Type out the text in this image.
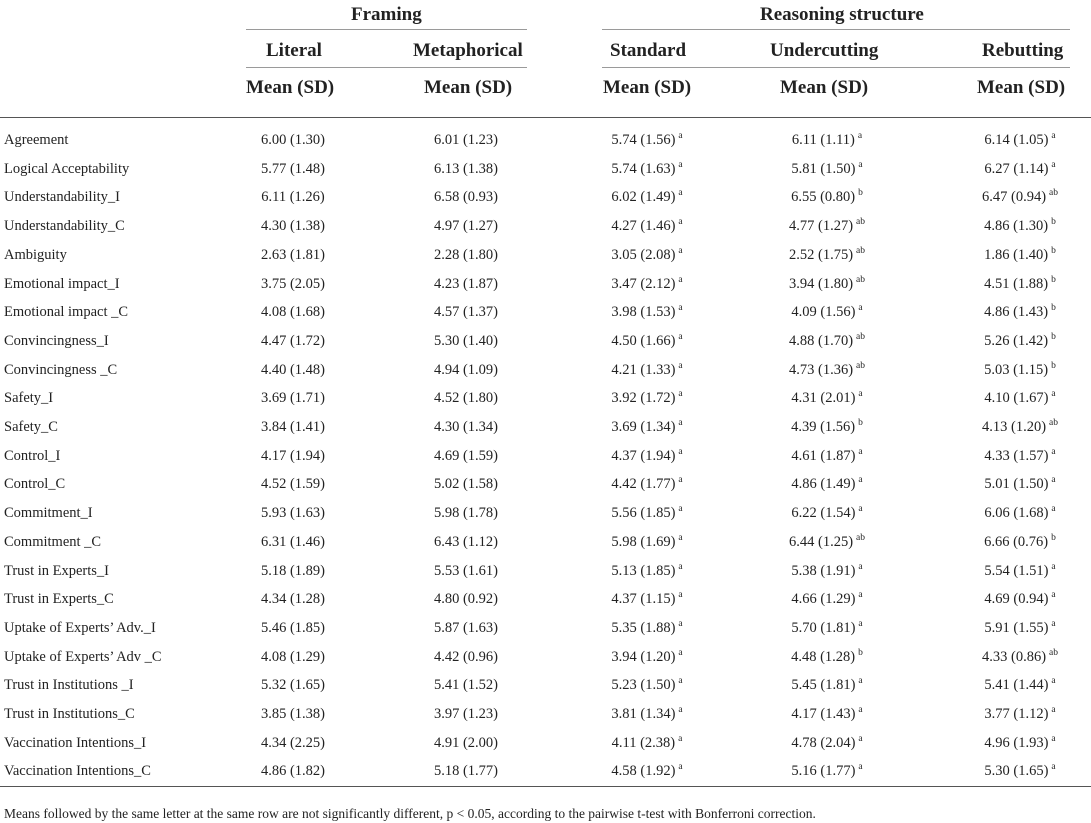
Framing	Reasoning structure
Literal	Metaphorical	Standard	Undercutting	Rebutting
Mean (SD)	Mean (SD)	Mean (SD)	Mean (SD)	Mean (SD)
Agreement	6.00 (1.30)	6.01 (1.23)	5.74 (1.56) $^a$	6.11 (1.11) $^a$	6.14 (1.05) $^a$
Logical Acceptability	5.77 (1.48)	6.13 (1.38)	5.74 (1.63) $^a$	5.81 (1.50) $^a$	6.27 (1.14) $^a$
Understandability_I	6.11 (1.26)	6.58 (0.93)	6.02 (1.49) $^a$	6.55 (0.80) $^b$	6.47 (0.94) $^{ab}$
Understandability_C	4.30 (1.38)	4.97 (1.27)	4.27 (1.46) $^a$	4.77 (1.27) $^{ab}$	4.86 (1.30) $^b$
Ambiguity	2.63 (1.81)	2.28 (1.80)	3.05 (2.08) $^a$	2.52 (1.75) $^{ab}$	1.86 (1.40) $^b$
Emotional impact_I	3.75 (2.05)	4.23 (1.87)	3.47 (2.12) $^a$	3.94 (1.80) $^{ab}$	4.51 (1.88) $^b$
Emotional impact _C	4.08 (1.68)	4.57 (1.37)	3.98 (1.53) $^a$	4.09 (1.56) $^a$	4.86 (1.43) $^b$
Convincingness_I	4.47 (1.72)	5.30 (1.40)	4.50 (1.66) $^a$	4.88 (1.70) $^{ab}$	5.26 (1.42) $^b$
Convincingness _C	4.40 (1.48)	4.94 (1.09)	4.21 (1.33) $^a$	4.73 (1.36) $^{ab}$	5.03 (1.15) $^b$
Safety_I	3.69 (1.71)	4.52 (1.80)	3.92 (1.72) $^a$	4.31 (2.01) $^a$	4.10 (1.67) $^a$
Safety_C	3.84 (1.41)	4.30 (1.34)	3.69 (1.34) $^a$	4.39 (1.56) $^b$	4.13 (1.20) $^{ab}$
Control_I	4.17 (1.94)	4.69 (1.59)	4.37 (1.94) $^a$	4.61 (1.87) $^a$	4.33 (1.57) $^a$
Control_C	4.52 (1.59)	5.02 (1.58)	4.42 (1.77) $^a$	4.86 (1.49) $^a$	5.01 (1.50) $^a$
Commitment_I	5.93 (1.63)	5.98 (1.78)	5.56 (1.85) $^a$	6.22 (1.54) $^a$	6.06 (1.68) $^a$
Commitment _C	6.31 (1.46)	6.43 (1.12)	5.98 (1.69) $^a$	6.44 (1.25) $^{ab}$	6.66 (0.76) $^b$
Trust in Experts_I	5.18 (1.89)	5.53 (1.61)	5.13 (1.85) $^a$	5.38 (1.91) $^a$	5.54 (1.51) $^a$
Trust in Experts_C	4.34 (1.28)	4.80 (0.92)	4.37 (1.15) $^a$	4.66 (1.29) $^a$	4.69 (0.94) $^a$
Uptake of Experts’ Adv._I	5.46 (1.85)	5.87 (1.63)	5.35 (1.88) $^a$	5.70 (1.81) $^a$	5.91 (1.55) $^a$
Uptake of Experts’ Adv _C	4.08 (1.29)	4.42 (0.96)	3.94 (1.20) $^a$	4.48 (1.28) $^b$	4.33 (0.86) $^{ab}$
Trust in Institutions _I	5.32 (1.65)	5.41 (1.52)	5.23 (1.50) $^a$	5.45 (1.81) $^a$	5.41 (1.44) $^a$
Trust in Institutions_C	3.85 (1.38)	3.97 (1.23)	3.81 (1.34) $^a$	4.17 (1.43) $^a$	3.77 (1.12) $^a$
Vaccination Intentions_I	4.34 (2.25)	4.91 (2.00)	4.11 (2.38) $^a$	4.78 (2.04) $^a$	4.96 (1.93) $^a$
Vaccination Intentions_C	4.86 (1.82)	5.18 (1.77)	4.58 (1.92) $^a$	5.16 (1.77) $^a$	5.30 (1.65) $^a$
Means followed by the same letter at the same row are not significantly different, p < 0.05, according to the pairwise t-test with Bonferroni correction.
